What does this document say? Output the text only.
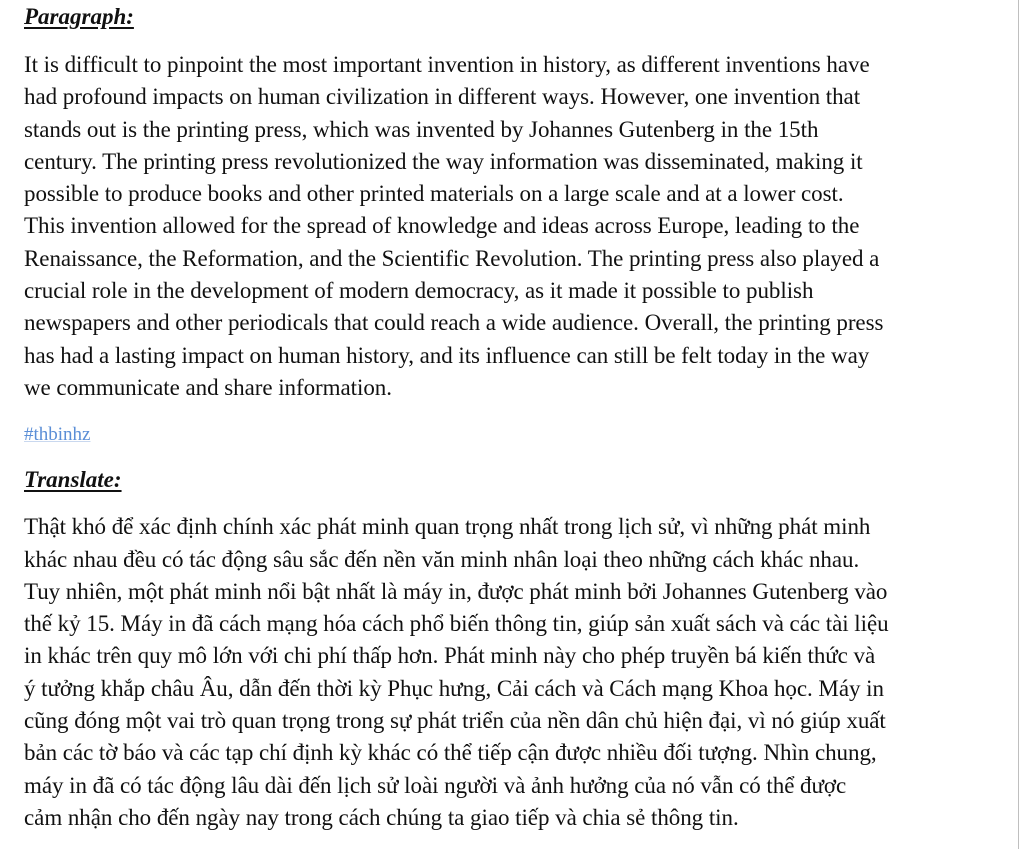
Paragraph:

It is difficult to pinpoint the most important invention in history, as different inventions have
had profound impacts on human civilization in different ways. However, one invention that
stands out is the printing press, which was invented by Johannes Gutenberg in the 15th
century. The printing press revolutionized the way information was disseminated, making it
possible to produce books and other printed materials on a large scale and at a lower cost.
This invention allowed for the spread of knowledge and ideas across Europe, leading to the
Renaissance, the Reformation, and the Scientific Revolution. The printing press also played a
crucial role in the development of modern democracy, as it made it possible to publish
newspapers and other periodicals that could reach a wide audience. Overall, the printing press
has had a lasting impact on human history, and its influence can still be felt today in the way
we communicate and share information.

#thbinhz
Translate:

Thật khó để xác định chính xác phát minh quan trọng nhất trong lịch sử, vì những phát minh
khác nhau đều có tác động sâu sắc đến nền văn minh nhân loại theo những cách khác nhau.
Tuy nhiên, một phát minh nổi bật nhất là máy in, được phát minh bởi Johannes Gutenberg vào
thế kỷ 15. Máy in đã cách mạng hóa cách phổ biến thông tin, giúp sản xuất sách và các tài liệu
in khác trên quy mô lớn với chi phí thấp hơn. Phát minh này cho phép truyền bá kiến thức và
ý tưởng khắp châu Âu, dẫn đến thời kỳ Phục hưng, Cải cách và Cách mạng Khoa học. Máy in
cũng đóng một vai trò quan trọng trong sự phát triển của nền dân chủ hiện đại, vì nó giúp xuất
bản các tờ báo và các tạp chí định kỳ khác có thể tiếp cận được nhiều đối tượng. Nhìn chung,
máy in đã có tác động lâu dài đến lịch sử loài người và ảnh hưởng của nó vẫn có thể được
cảm nhận cho đến ngày nay trong cách chúng ta giao tiếp và chia sẻ thông tin.
